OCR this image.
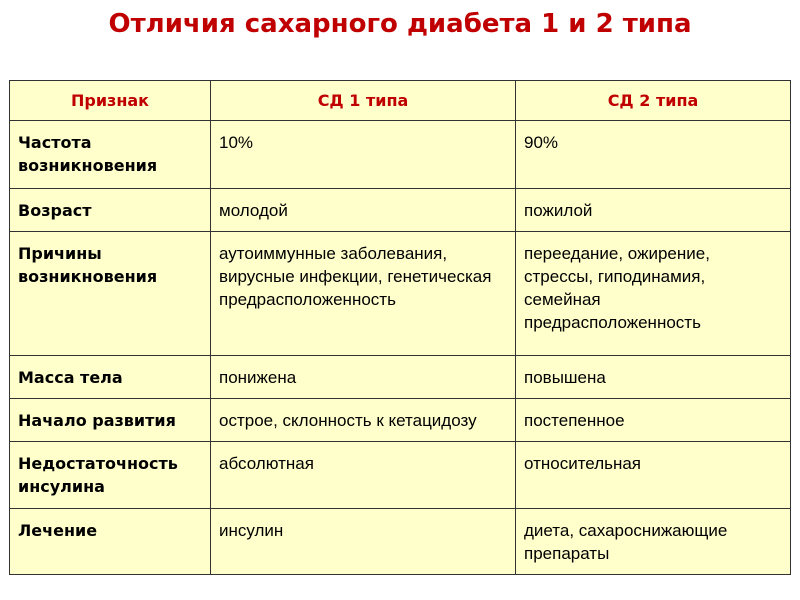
Отличия сахарного диабета 1 и 2 типа
Признак	СД 1 типа	СД 2 типа
Частота возникновения	10%	90%
Возраст	молодой	пожилой
Причины возникновения	аутоиммунные заболевания, вирусные инфекции, генетическая предрасположенность	переедание, ожирение, стрессы, гиподинамия, семейная предрасположенность
Масса тела	понижена	повышена
Начало развития	острое, склонность к кетацидозу	постепенное
Недостаточность инсулина	абсолютная	относительная
Лечение	инсулин	диета, сахароснижающие препараты
